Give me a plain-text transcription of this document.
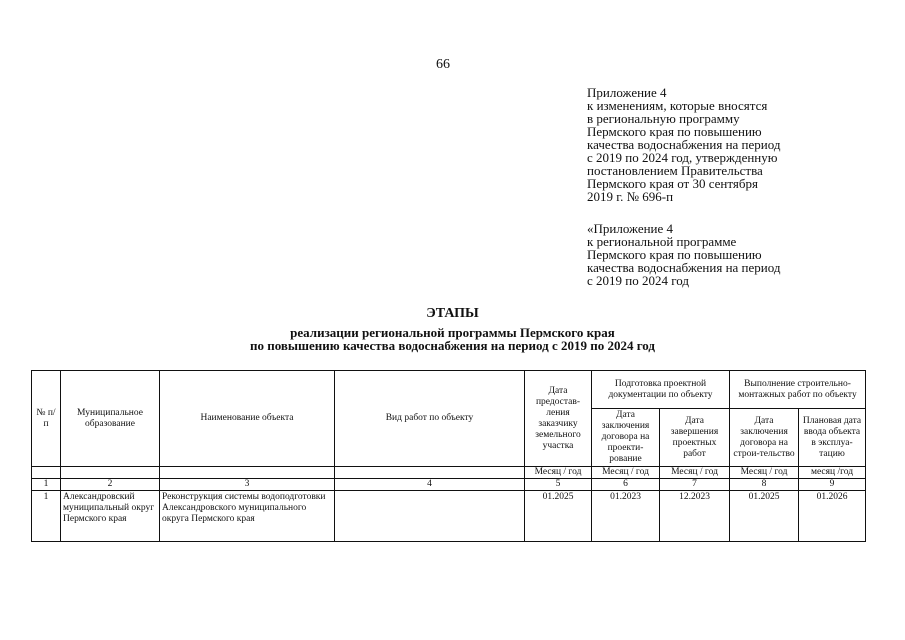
66
Приложение 4
к изменениям, которые вносятся
в региональную программу
Пермского края по повышению
качества водоснабжения на период
с 2019 по 2024 год, утвержденную
постановлением Правительства
Пермского края от 30 сентября
2019 г. № 696-п
«Приложение 4
к региональной программе
Пермского края по повышению
качества водоснабжения на период
с 2019 по 2024 год
ЭТАПЫ
реализации региональной программы Пермского края
по повышению качества водоснабжения на период с 2019 по 2024 год
№ п/п	Муниципальное образование	Наименование объекта	Вид работ по объекту	Дата предостав-ления заказчику земельного участка	Подготовка проектной документации по объекту		Выполнение строительно-монтажных работ по объекту	
					Дата заключения договора на проекти-рование	Дата завершения проектных работ	Дата заключения договора на строи-тельство	Плановая дата ввода объекта в эксплуа-тацию
				Месяц / год	Месяц / год	Месяц / год	Месяц / год	месяц /год
1	2	3	4	5	6	7	8	9
1	Александровский муниципальный округ Пермского края	Реконструкция системы водоподготовки Александровского муниципального округа Пермского края		01.2025	01.2023	12.2023	01.2025	01.2026
